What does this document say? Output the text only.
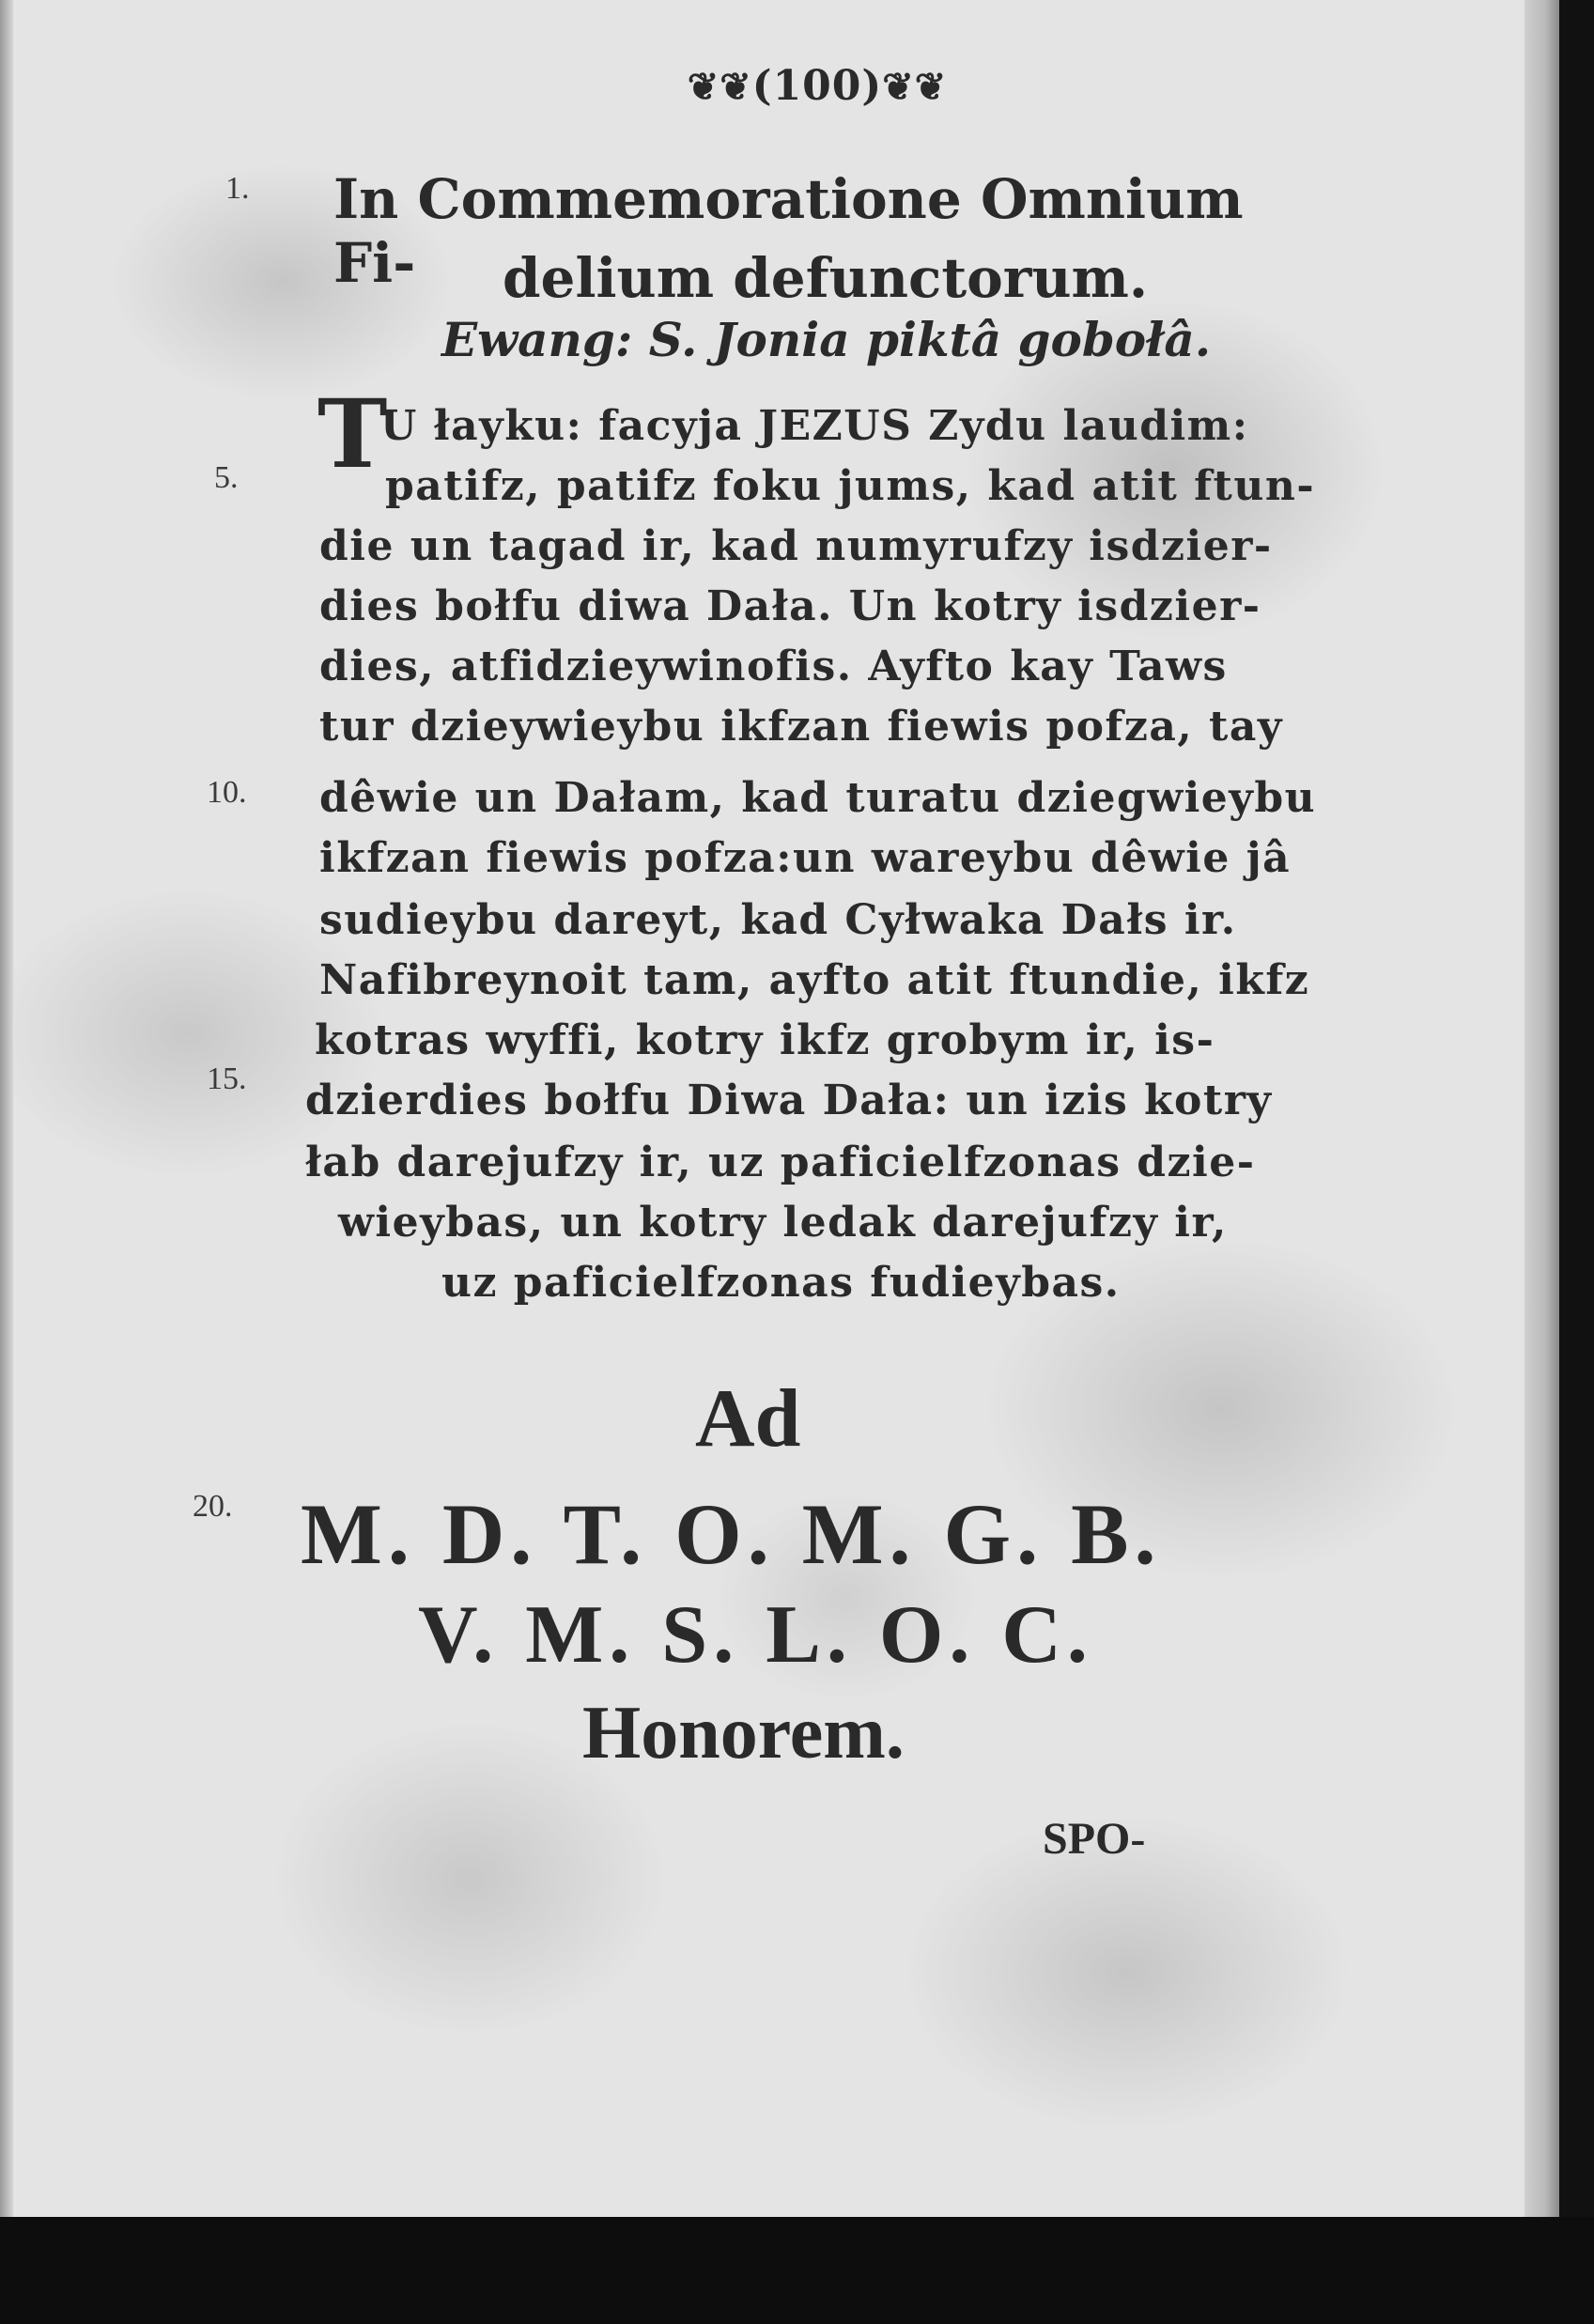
❦❦(100)❦❦
1.
5.
10.
15.
20.
In Commemoratione Omnium Fi-	delium defunctorum.
Ewang: S. Jonia piktâ gobołâ.
T
U łayku: facyja JEZUS Zydu laudim:
patifz, patifz foku jums, kad atit ftun-
die un tagad ir, kad numyrufzy isdzier-
dies bołfu diwa Dała. Un kotry isdzier-
dies, atfidzieywinofis. Ayfto kay Taws
tur dzieywieybu ikfzan fiewis pofza, tay
dêwie un Dałam, kad turatu dziegwieybu
ikfzan fiewis pofza:un wareybu dêwie jâ
sudieybu dareyt, kad Cyłwaka Dałs ir.
Nafibreynoit tam, ayfto atit ftundie, ikfz
kotras wyffi, kotry ikfz grobym ir, is-
dzierdies bołfu Diwa Dała: un izis kotry
łab darejufzy ir, uz paficielfzonas dzie-
wieybas, un kotry ledak darejufzy ir,
uz paficielfzonas fudieybas.
Ad
M. D. T. O. M. G. B.
V. M. S. L. O. C.
Honorem.
SPO-
